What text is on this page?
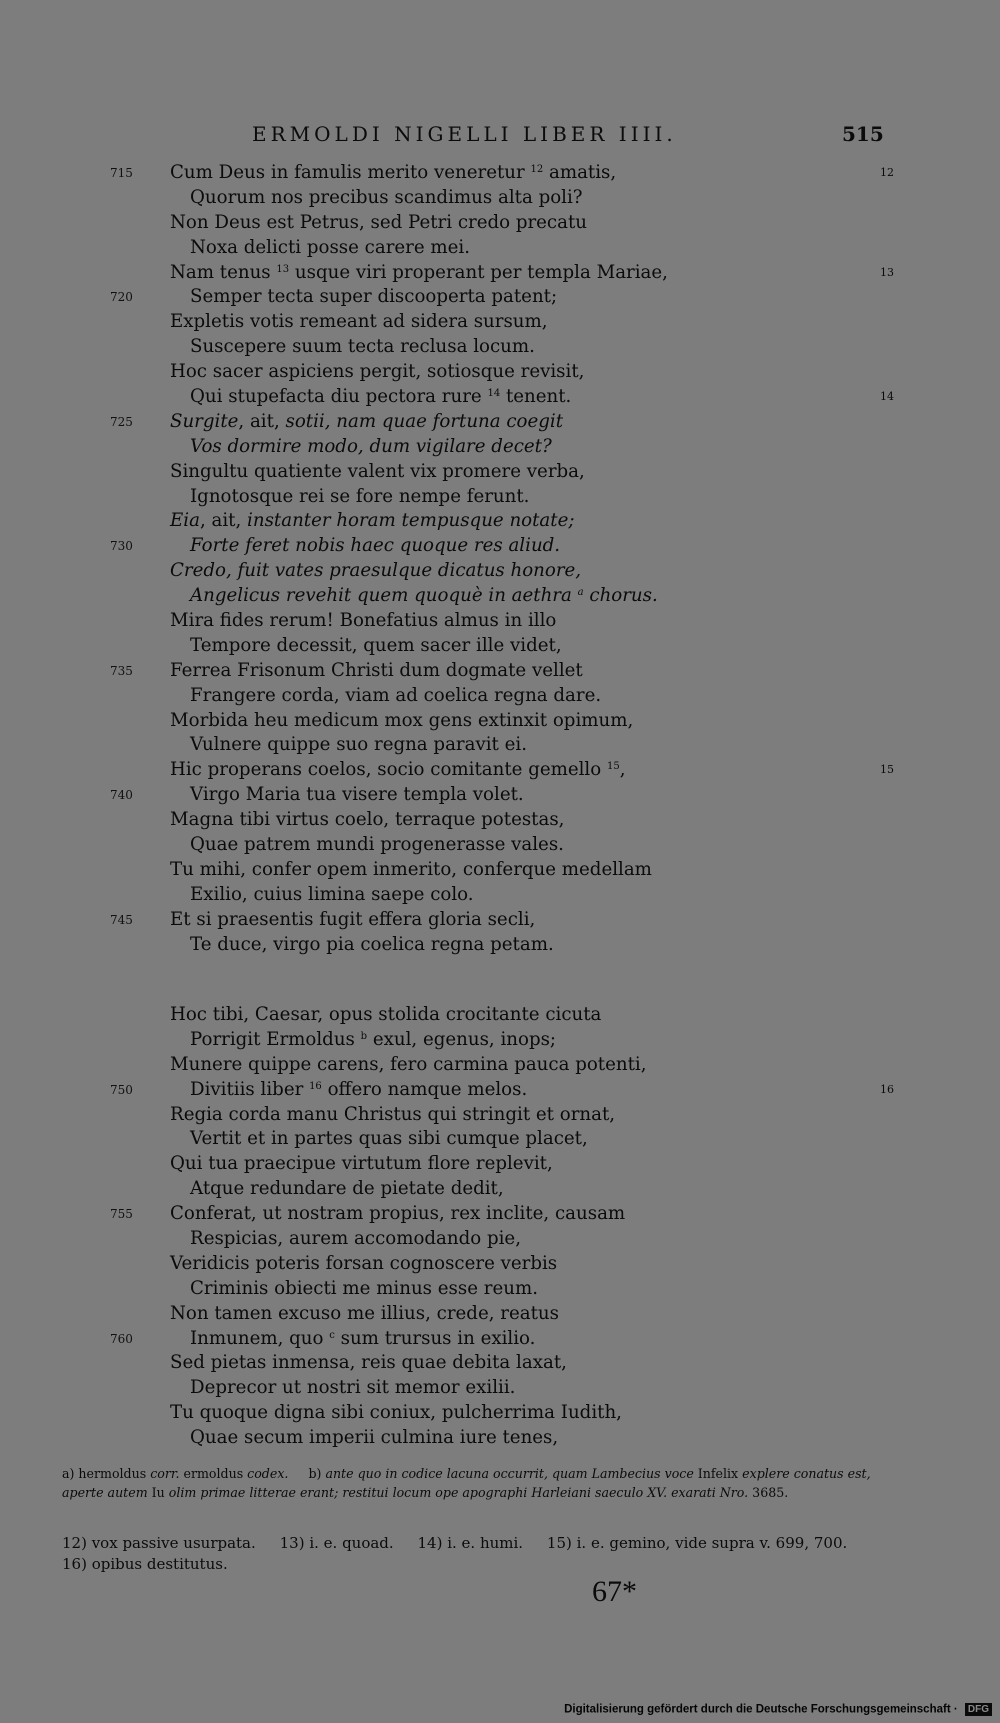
ERMOLDI NIGELLI LIBER IIII.	515
715	Cum Deus in famulis merito veneretur $^{12}$ amatis,	12
Quorum nos precibus scandimus alta poli?
Non Deus est Petrus, sed Petri credo precatu
Noxa delicti posse carere mei.
Nam tenus $^{13}$ usque viri properant per templa Mariae,	13
720	Semper tecta super discooperta patent;
Expletis votis remeant ad sidera sursum,
Suscepere suum tecta reclusa locum.
Hoc sacer aspiciens pergit, sotiosque revisit,
Qui stupefacta diu pectora rure $^{14}$ tenent.	14
725	Surgite, ait, sotii, nam quae fortuna coegit
Vos dormire modo, dum vigilare decet?
Singultu quatiente valent vix promere verba,
Ignotosque rei se fore nempe ferunt.
Eia, ait, instanter horam tempusque notate;
730	Forte feret nobis haec quoque res aliud.
Credo, fuit vates praesulque dicatus honore,
Angelicus revehit quem quoquè in aethra $^a$ chorus.
Mira fides rerum! Bonefatius almus in illo
Tempore decessit, quem sacer ille videt,
735	Ferrea Frisonum Christi dum dogmate vellet
Frangere corda, viam ad coelica regna dare.
Morbida heu medicum mox gens extinxit opimum,
Vulnere quippe suo regna paravit ei.
Hic properans coelos, socio comitante gemello $^{15}$,	15
740	Virgo Maria tua visere templa volet.
Magna tibi virtus coelo, terraque potestas,
Quae patrem mundi progenerasse vales.
Tu mihi, confer opem inmerito, conferque medellam
Exilio, cuius limina saepe colo.
745	Et si praesentis fugit effera gloria secli,
Te duce, virgo pia coelica regna petam.
Hoc tibi, Caesar, opus stolida crocitante cicuta
Porrigit Ermoldus $^b$ exul, egenus, inops;
Munere quippe carens, fero carmina pauca potenti,
750	Divitiis liber $^{16}$ offero namque melos.	16
Regia corda manu Christus qui stringit et ornat,
Vertit et in partes quas sibi cumque placet,
Qui tua praecipue virtutum flore replevit,
Atque redundare de pietate dedit,
755	Conferat, ut nostram propius, rex inclite, causam
Respicias, aurem accomodando pie,
Veridicis poteris forsan cognoscere verbis
Criminis obiecti me minus esse reum.
Non tamen excuso me illius, crede, reatus
760	Inmunem, quo $^c$ sum trursus in exilio.
Sed pietas inmensa, reis quae debita laxat,
Deprecor ut nostri sit memor exilii.
Tu quoque digna sibi coniux, pulcherrima Iudith,
Quae secum imperii culmina iure tenes,
a) hermoldus corr. ermoldus codex.     b) ante quo in codice lacuna occurrit, quam Lambecius voce Infelix explere conatus est, aperte autem Iu olim primae litterae erant; restitui locum ope apographi Harleiani saeculo XV. exarati Nro. 3685.
12) vox passive usurpata.     13) i. e. quoad.     14) i. e. humi.     15) i. e. gemino, vide supra v. 699, 700.     16) opibus destitutus.
67*
Digitalisierung gefördert durch die Deutsche Forschungsgemeinschaft · DFG
